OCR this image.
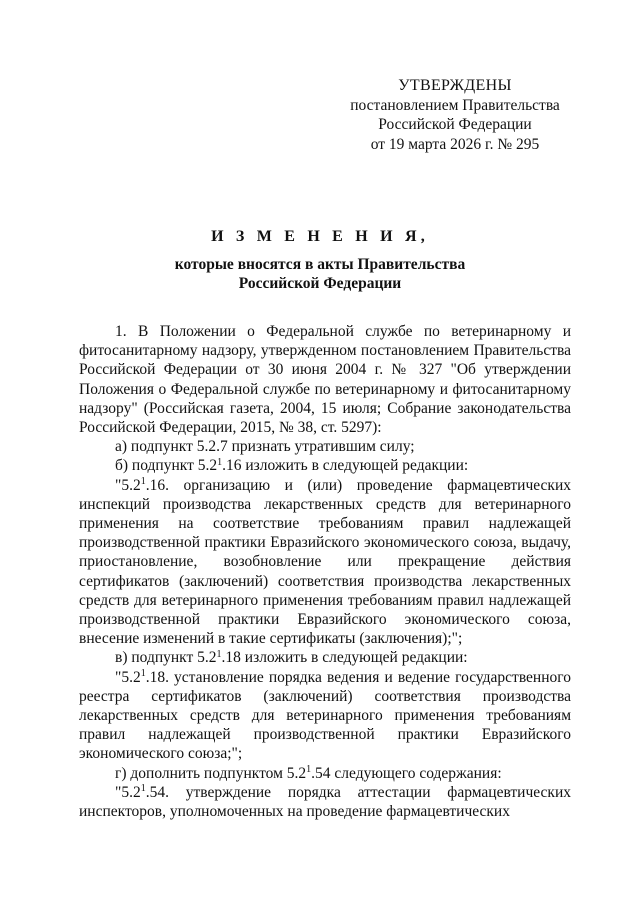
УТВЕРЖДЕНЫ
постановлением Правительства
Российской Федерации
от 19 марта 2026 г. № 295
И З М Е Н Е Н И Я,
которые вносятся в акты Правительства
Российской Федерации

1. В Положении о Федеральной службе по ветеринарному и фитосанитарному надзору, утвержденном постановлением Правительства Российской Федерации от 30 июня 2004 г. № 327 "Об утверждении Положения о Федеральной службе по ветеринарному и фитосанитарному надзору" (Российская газета, 2004, 15 июля; Собрание законодательства Российской Федерации, 2015, № 38, ст. 5297):

а) подпункт 5.2.7 признать утратившим силу;

б) подпункт $5.2^1.16$ изложить в следующей редакции:

"$5.2^1.16$. организацию и (или) проведение фармацевтических инспекций производства лекарственных средств для ветеринарного применения на соответствие требованиям правил надлежащей производственной практики Евразийского экономического союза, выдачу, приостановление, возобновление или прекращение действия сертификатов (заключений) соответствия производства лекарственных средств для ветеринарного применения требованиям правил надлежащей производственной практики Евразийского экономического союза, внесение изменений в такие сертификаты (заключения);";

в) подпункт $5.2^1.18$ изложить в следующей редакции:

"$5.2^1.18$. установление порядка ведения и ведение государственного реестра сертификатов (заключений) соответствия производства лекарственных средств для ветеринарного применения требованиям правил надлежащей производственной практики Евразийского экономического союза;";

г) дополнить подпунктом $5.2^1.54$ следующего содержания:

"$5.2^1.54$. утверждение порядка аттестации фармацевтических инспекторов, уполномоченных на проведение фармацевтических
